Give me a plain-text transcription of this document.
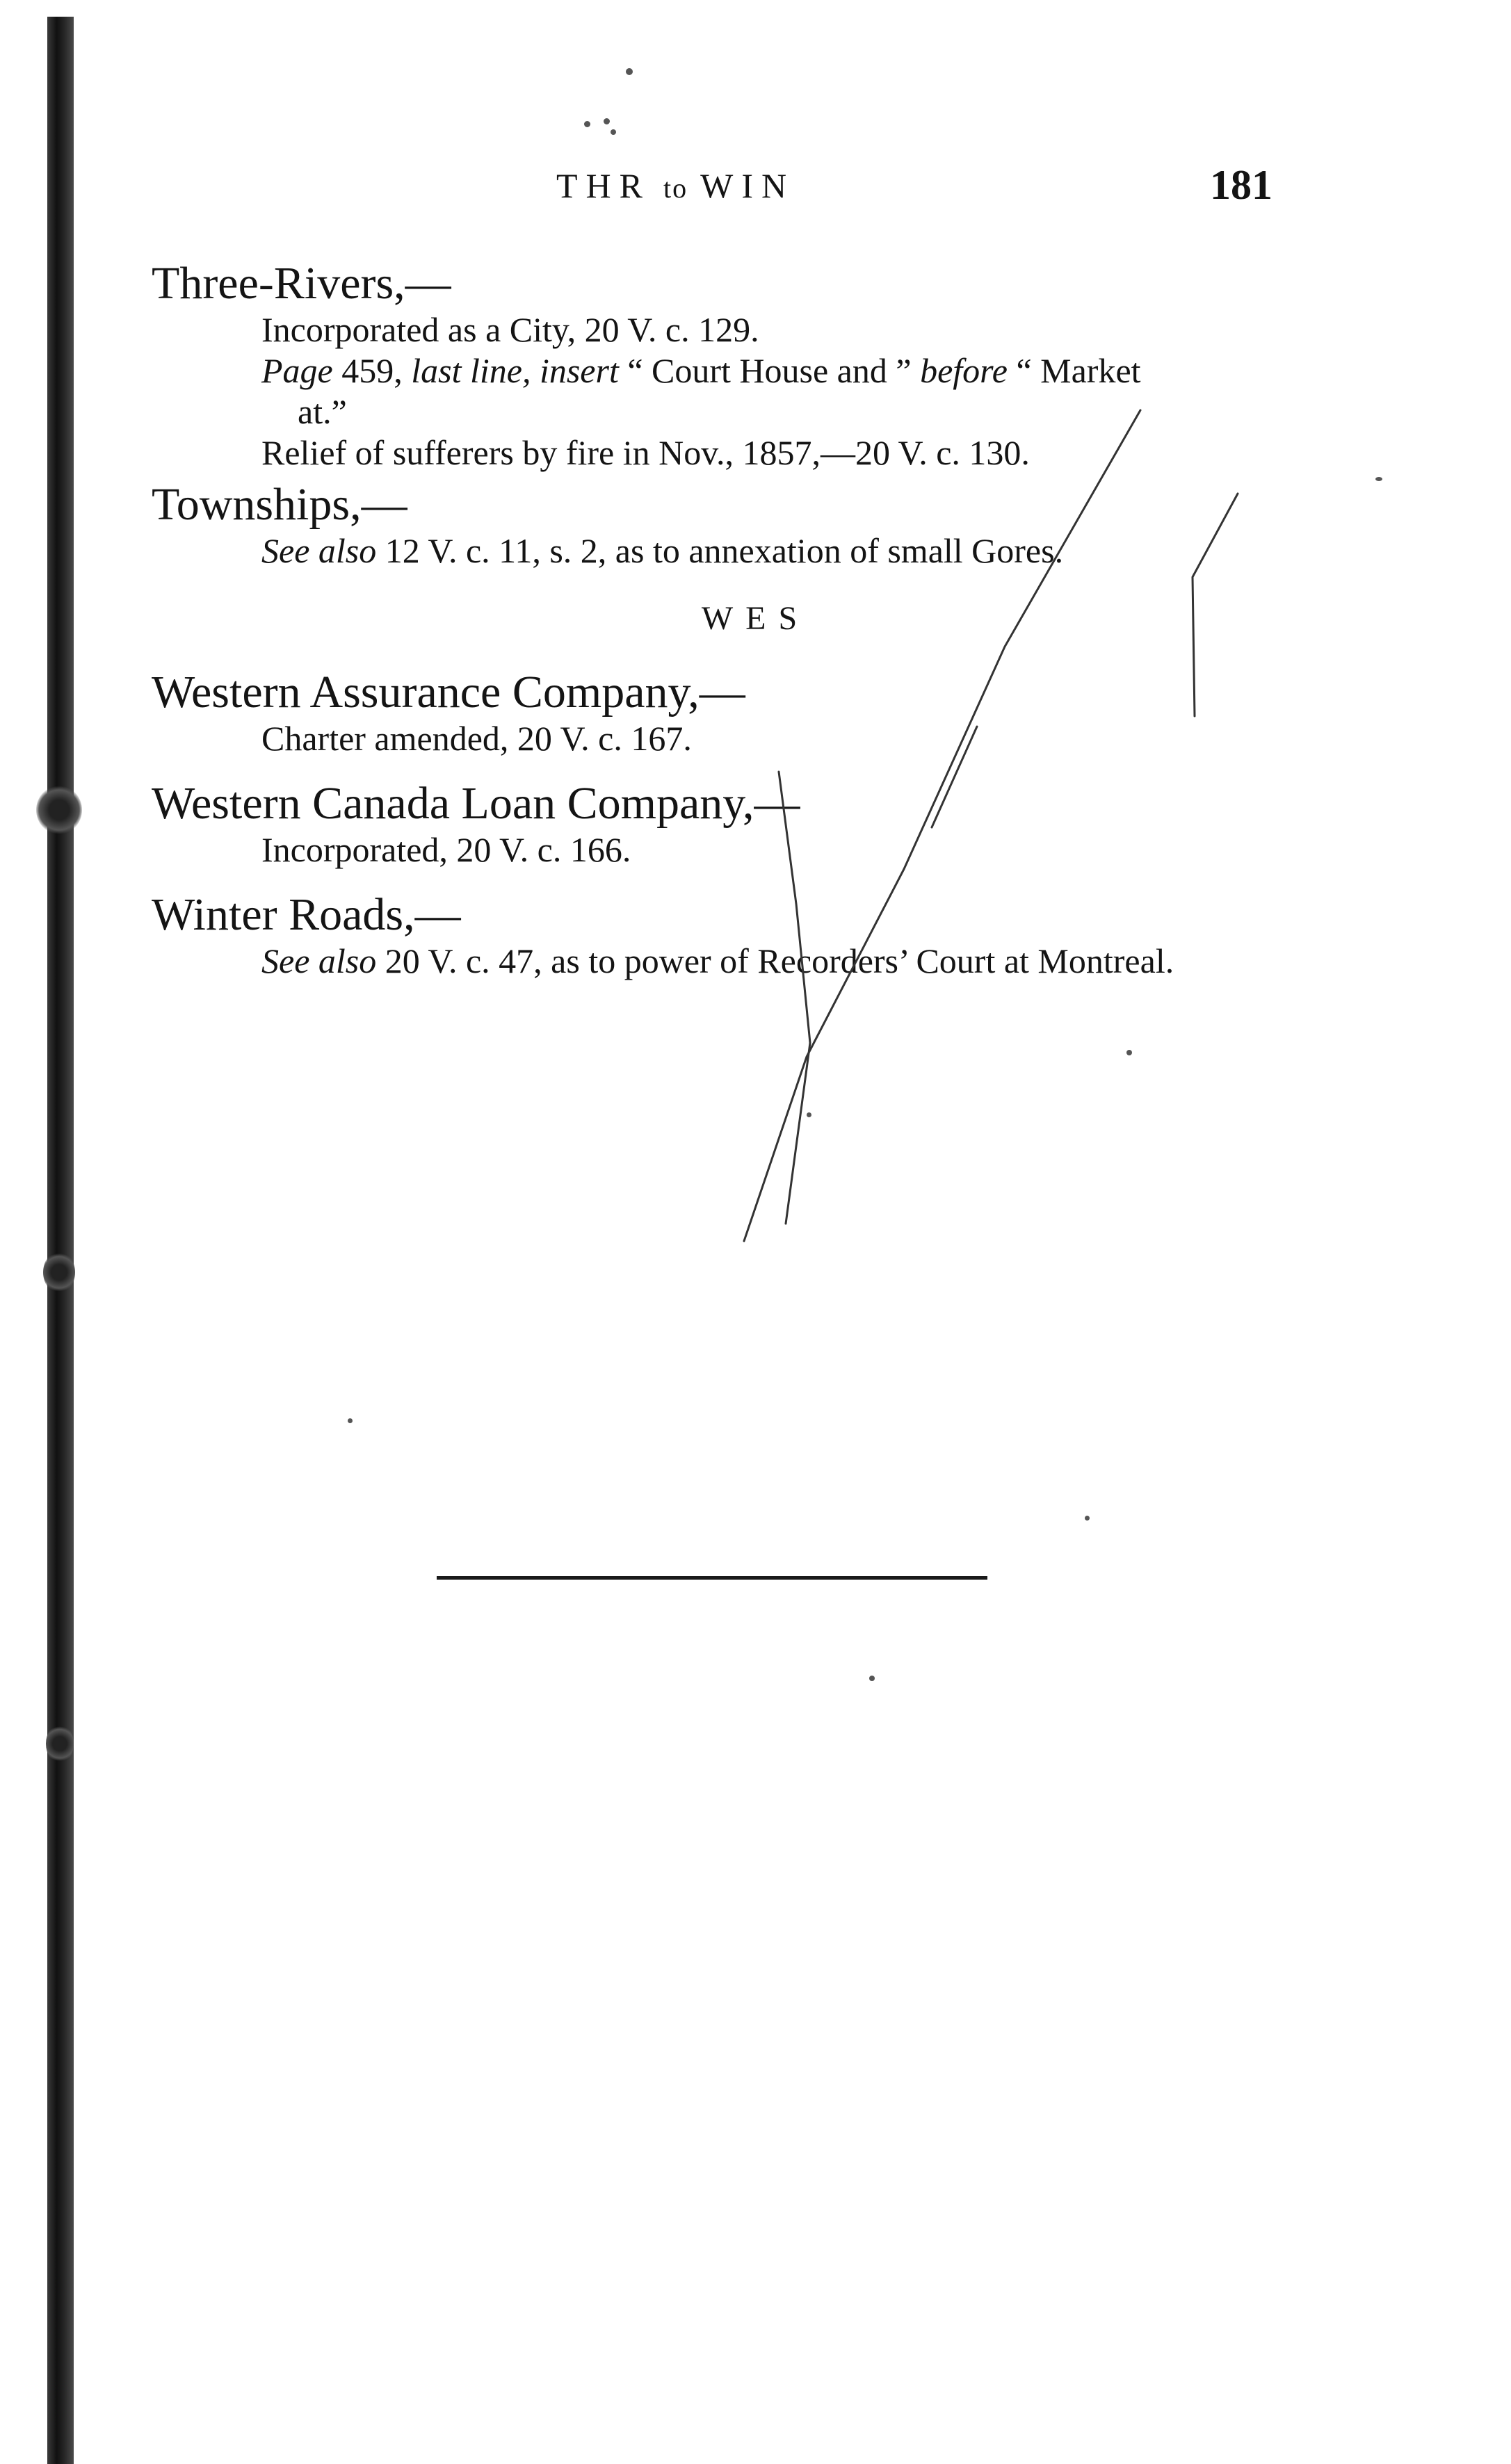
THR to WIN	181
Three-Rivers,—
Incorporated as a City, 20 V. c. 129.
Page 459, last line, insert “ Court House and ” before “ Market
at.”
Relief of sufferers by fire in Nov., 1857,—20 V. c. 130.
Townships,—
See also 12 V. c. 11, s. 2, as to annexation of small Gores.
WES
Western Assurance Company,—
Charter amended, 20 V. c. 167.
Western Canada Loan Company,—
Incorporated, 20 V. c. 166.
Winter Roads,—
See also 20 V. c. 47, as to power of Recorders’ Court at Montreal.
